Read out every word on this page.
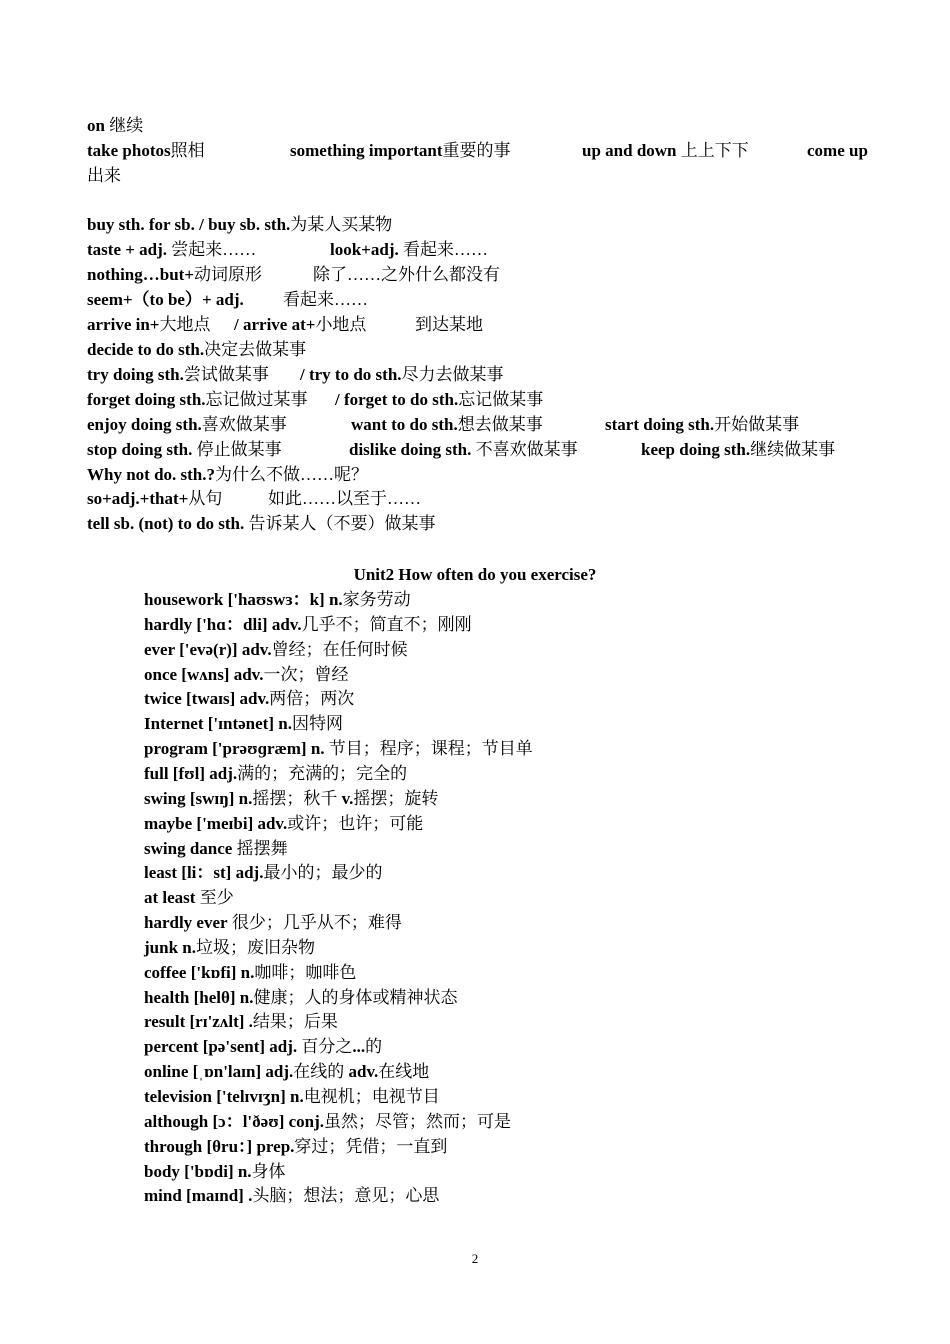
on 继续
take photos照相	something important重要的事	up and down 上上下下	come up
出来
buy sth. for sb. / buy sb. sth.为某人买某物
taste + adj. 尝起来……	look+adj. 看起来……
nothing…but+动词原形	除了……之外什么都没有
seem+（to be）+ adj. 看起来……
arrive in+大地点 / arrive at+小地点	到达某地
decide to do sth.决定去做某事
try doing sth.尝试做某事 / try to do sth.尽力去做某事
forget doing sth.忘记做过某事 / forget to do sth.忘记做某事
enjoy doing sth.喜欢做某事	want to do sth.想去做某事	start doing sth.开始做某事
stop doing sth. 停止做某事	dislike doing sth. 不喜欢做某事	keep doing sth.继续做某事
Why not do. sth.?为什么不做……呢？
so+adj.+that+从句	如此……以至于……
tell sb. (not) to do sth. 告诉某人（不要）做某事
Unit2 How often do you exercise?
housework ['haʊswɜ：k] n.家务劳动
hardly ['hɑ：dli] adv.几乎不；简直不；刚刚
ever ['evə(r)] adv.曾经；在任何时候
once [wʌns] adv.一次；曾经
twice [twaɪs] adv.两倍；两次
Internet ['ɪntənet] n.因特网
program ['prəʊɡræm] n. 节目；程序；课程；节目单
full [fʊl] adj.满的；充满的；完全的
swing [swɪŋ] n.摇摆；秋千 v.摇摆；旋转
maybe ['meɪbi] adv.或许；也许；可能
swing dance 摇摆舞
least [li：st] adj.最小的；最少的
at least 至少
hardly ever 很少；几乎从不；难得
junk n.垃圾；废旧杂物
coffee ['kɒfi] n.咖啡；咖啡色
health [helθ] n.健康；人的身体或精神状态
result [rɪ'zʌlt] .结果；后果
percent [pə'sent] adj. 百分之...的
online [ˌɒn'laɪn] adj.在线的 adv.在线地
television ['telɪvɪʒn] n.电视机；电视节目
although [ɔ：l'ðəʊ] conj.虽然；尽管；然而；可是
through [θru：] prep.穿过；凭借；一直到
body ['bɒdi] n.身体
mind [maɪnd] .头脑；想法；意见；心思
2
